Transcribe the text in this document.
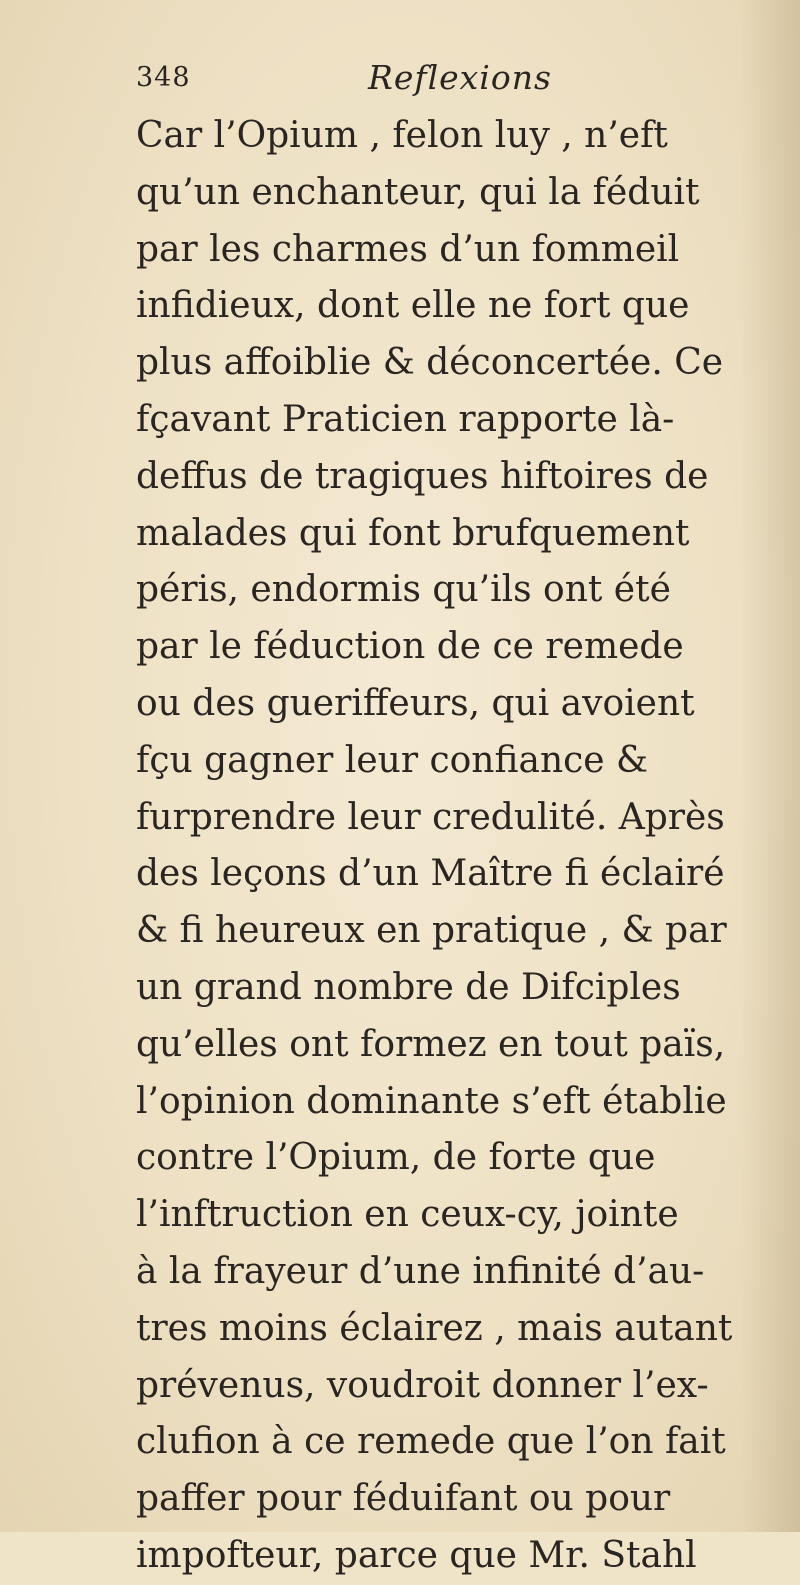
348	Reflexions
Car l’Opium , felon luy , n’eft
qu’un enchanteur, qui la féduit
par les charmes d’un fommeil
infidieux, dont elle ne fort que
plus affoiblie & déconcertée. Ce
fçavant Praticien rapporte là-
deffus de tragiques hiftoires de
malades qui font brufquement
péris, endormis qu’ils ont été
par le féduction de ce remede
ou des gueriffeurs, qui avoient
fçu gagner leur confiance &
furprendre leur credulité. Après
des leçons d’un Maître fi éclairé
& fi heureux en pratique , & par
un grand nombre de Difciples
qu’elles ont formez en tout païs,
l’opinion dominante s’eft établie
contre l’Opium, de forte que
l’inftruction en ceux-cy, jointe
à la frayeur d’une infinité d’au-
tres moins éclairez , mais autant
prévenus, voudroit donner l’ex-
clufion à ce remede que l’on fait
paffer pour féduifant ou pour
impofteur, parce que Mr. Stahl
